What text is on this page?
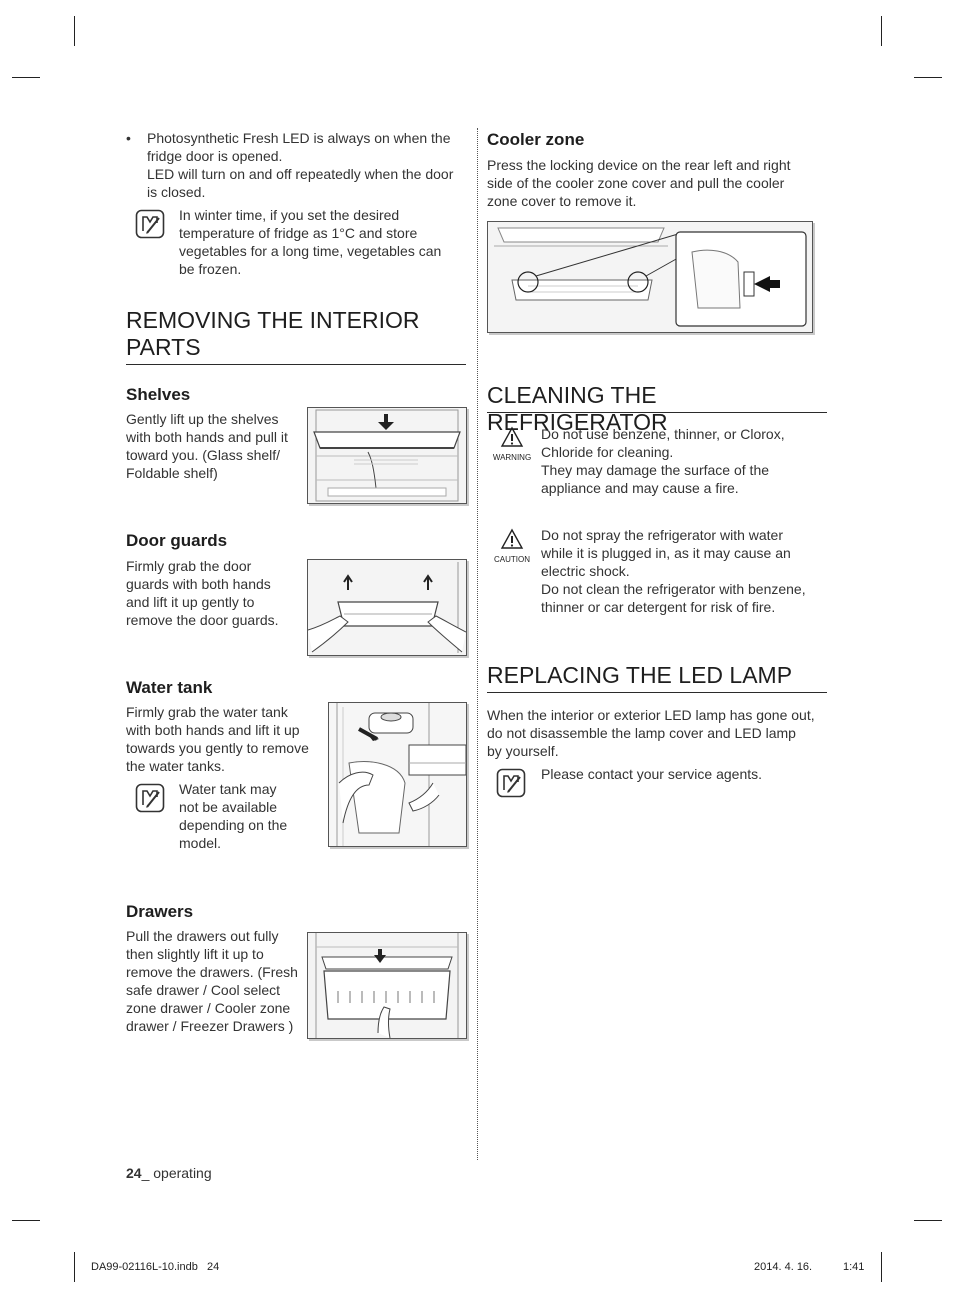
• Photosynthetic Fresh LED is always on when the
fridge door is opened.
LED will turn on and off repeatedly when the door
is closed.
In winter time, if you set the desired
temperature of fridge as 1°C and store
vegetables for a long time, vegetables can
be frozen.
REMOVING THE INTERIOR
PARTS
Shelves
Gently lift up the shelves
with both hands and pull it
toward you. (Glass shelf/
Foldable shelf)
Door guards
Firmly grab the door
guards with both hands
and lift it up gently to
remove the door guards.
Water tank
Firmly grab the water tank
with both hands and lift it up
towards you gently to remove
the water tanks.
Water tank may
not be available
depending on the
model.
Drawers
Pull the drawers out fully
then slightly lift it up to
remove the drawers. (Fresh
safe drawer / Cool select
zone drawer / Cooler zone
drawer / Freezer Drawers )
Cooler zone
Press the locking device on the rear left and right
side of the cooler zone cover and pull the cooler
zone cover to remove it.
CLEANING THE REFRIGERATOR
WARNING
Do not use benzene, thinner, or Clorox,
Chloride for cleaning.
They may damage the surface of the
appliance and may cause a fire.
CAUTION
Do not spray the refrigerator with water
while it is plugged in, as it may cause an
electric shock.
Do not clean the refrigerator with benzene,
thinner or car detergent for risk of fire.
REPLACING THE LED LAMP
When the interior or exterior LED lamp has gone out,
do not disassemble the lamp cover and LED lamp
by yourself.
Please contact your service agents.
24_ operating
DA99-02116L-10.indb   24	2014. 4. 16.	1:41
